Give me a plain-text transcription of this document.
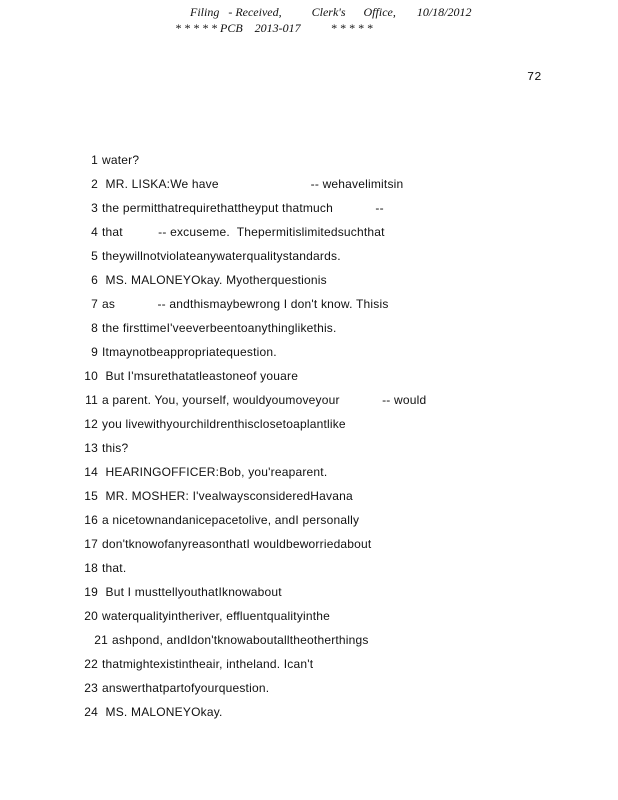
Filing   - Received,          Clerk's      Office,       10/18/2012
* * * * * PCB    2013-017          * * * * *
72
1 water?
2 MR. LISKA:We have                          -- wehavelimitsin
3 the permitthatrequirethattheyput thatmuch            --
4 that          -- excuseme.  Thepermitislimitedsuchthat
5 theywillnotviolateanywaterqualitystandards.
6 MS. MALONEYOkay. Myotherquestionis
7 as            -- andthismaybewrong I don't know. Thisis
8 the firsttimeI'veeverbeentoanythinglikethis.
9 Itmaynotbeappropriatequestion.
10 But I'msurethatatleastoneof youare
11 a parent. You, yourself, wouldyoumoveyour            -- would
12 you livewithyourchildrenthisclosetoaplantlike
13 this?
14 HEARINGOFFICER:Bob, you'reaparent.
15 MR. MOSHER: I'vealwaysconsideredHavana
16 a nicetownandanicepacetolive, andI personally
17 don'tknowofanyreasonthatI wouldbeworriedabout
18 that.
19 But I musttellyouthatIknowabout
20 waterqualityintheriver, effluentqualityinthe
21 ashpond, andIdon'tknowaboutalltheotherthings
22 thatmightexistintheair, intheland. Ican't
23 answerthatpartofyourquestion.
24 MS. MALONEYOkay.
